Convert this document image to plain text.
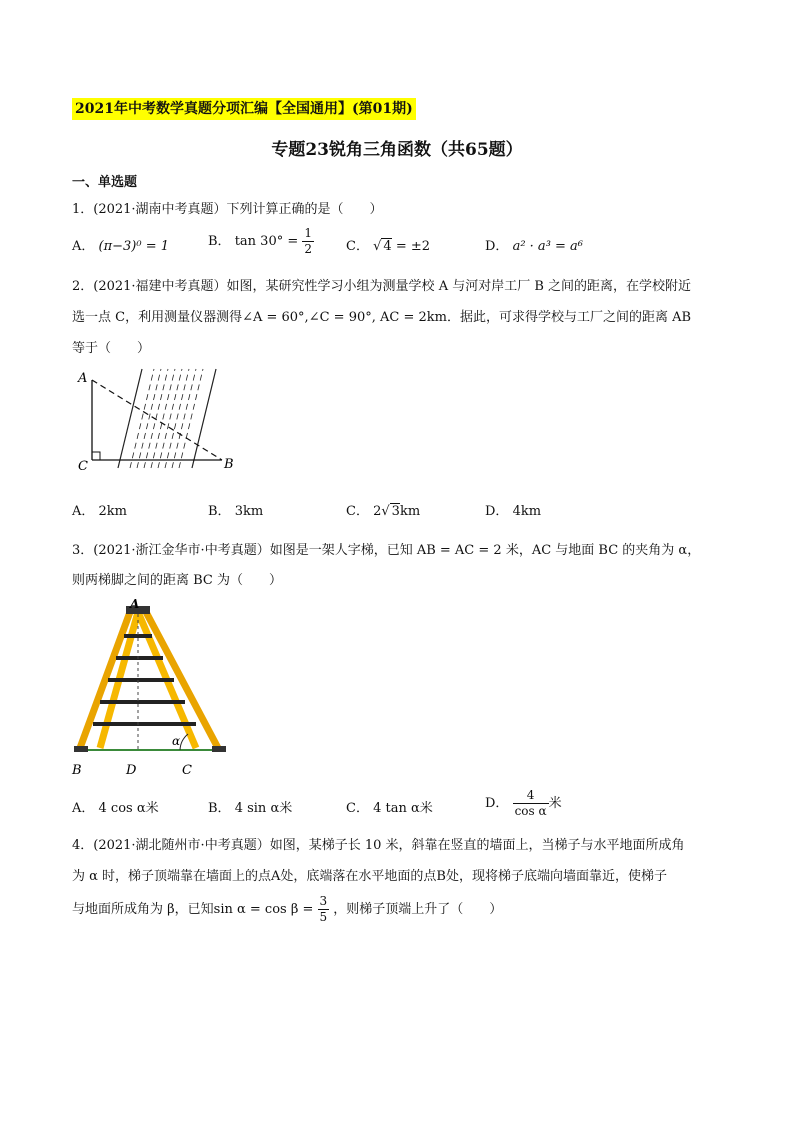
2021年中考数学真题分项汇编【全国通用】(第01期)
专题23锐角三角函数（共65题）
一、单选题
1．(2021·湖南中考真题）下列计算正确的是（　　）
A． (π−3)⁰ = 1	B． $\tan 30^\circ = \frac{1}{2}$ C． √ 4 = ±2	D． a² · a³ = a⁶
2．(2021·福建中考真题）如图，某研究性学习小组为测量学校 A 与河对岸工厂 B 之间的距离，在学校附近
选一点 C，利用测量仪器测得∠A = 60°,∠C = 90°, AC = 2km．据此，可求得学校与工厂之间的距离 AB
等于（　　）
A
C	B
A． 2km	B． 3km	C． 2√ 3km	D． 4km
3．(2021·浙江金华市·中考真题）如图是一架人字梯，已知 AB = AC = 2 米，AC 与地面 BC 的夹角为 α，
则两梯脚之间的距离 BC 为（　　）
α
A
B	D	C
A． 4 cos α米	B． 4 sin α米	C． 4 tan α米	D． $\frac{4}{\text{cos α}}$ 米
4．(2021·湖北随州市·中考真题）如图，某梯子长 10 米，斜靠在竖直的墙面上，当梯子与水平地面所成角
为 α 时，梯子顶端靠在墙面上的点A处，底端落在水平地面的点B处，现将梯子底端向墙面靠近，使梯子
与地面所成角为 β，已知$\sin \alpha = \cos \beta = \frac{3}{5}$ ，则梯子顶端上升了（　　）
